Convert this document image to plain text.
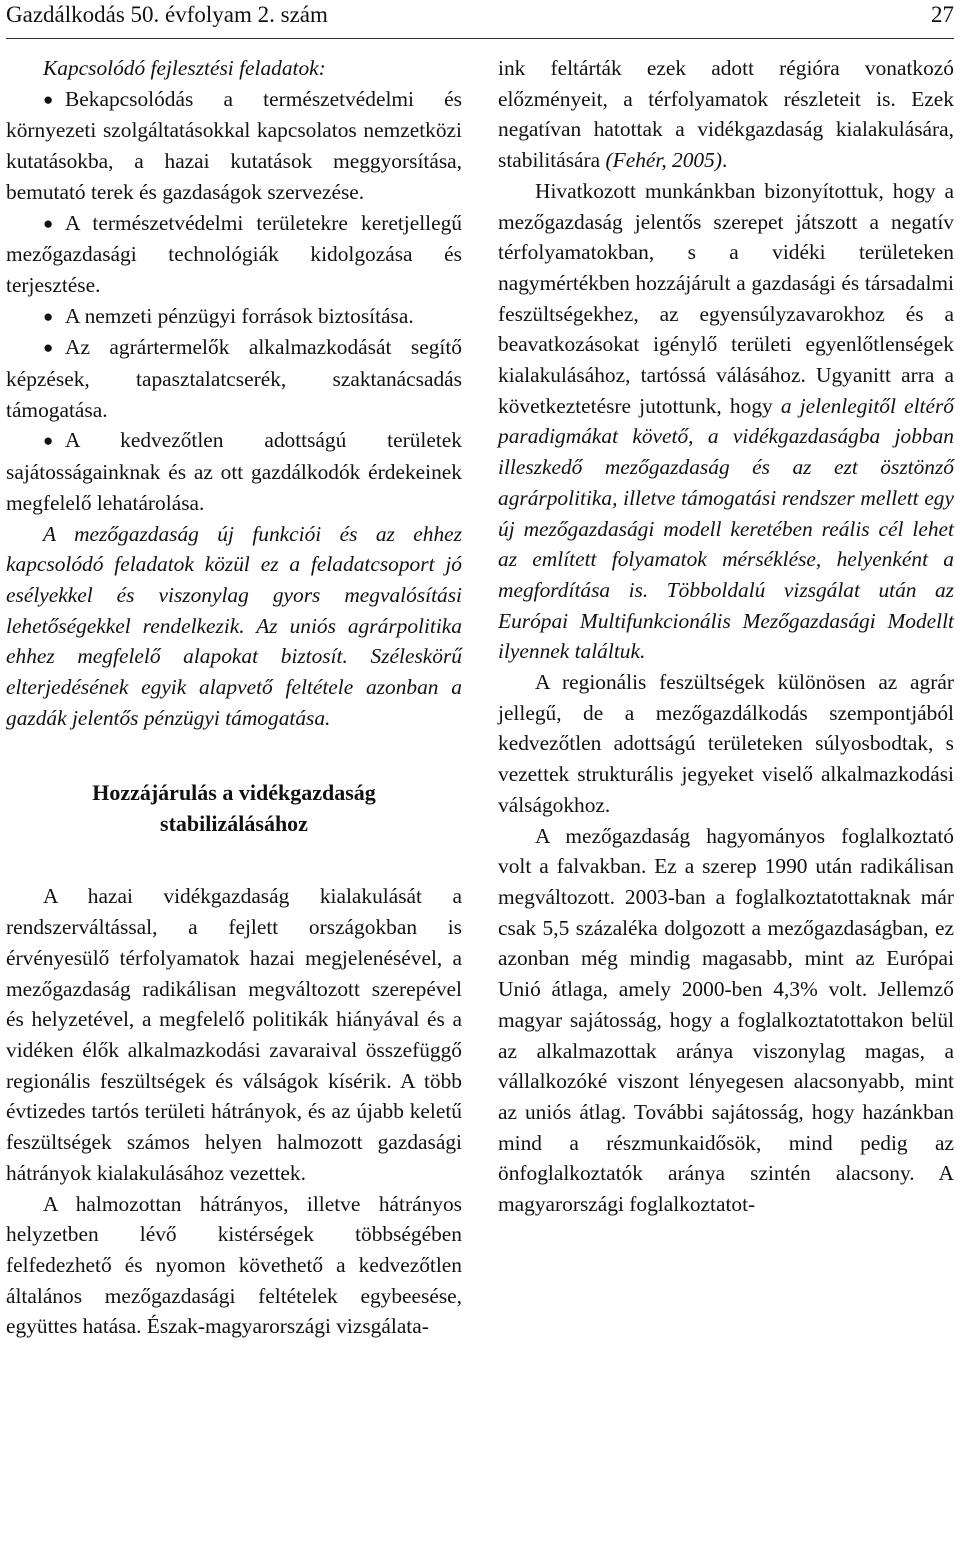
Gazdálkodás 50. évfolyam 2. szám	27

Kapcsolódó fejlesztési feladatok:

● Bekapcsolódás a természetvédelmi és környezeti szolgáltatásokkal kapcsolatos nemzetközi kutatásokba, a hazai kutatások meggyorsítása, bemutató terek és gazdaságok szervezése.

● A természetvédelmi területekre keretjellegű mezőgazdasági technológiák kidolgozása és terjesztése.

● A nemzeti pénzügyi források biztosítása.

● Az agrártermelők alkalmazkodását segítő képzések, tapasztalatcserék, szaktanácsadás támogatása.

● A kedvezőtlen adottságú területek sajátosságainknak és az ott gazdálkodók érdekeinek megfelelő lehatárolása.

A mezőgazdaság új funkciói és az ehhez kapcsolódó feladatok közül ez a feladatcsoport jó esélyekkel és viszonylag gyors megvalósítási lehetőségekkel rendelkezik. Az uniós agrárpolitika ehhez megfelelő alapokat biztosít. Széleskörű elterjedésének egyik alapvető feltétele azonban a gazdák jelentős pénzügyi támogatása.

Hozzájárulás a vidékgazdaság
stabilizálásához

A hazai vidékgazdaság kialakulását a rendszerváltással, a fejlett országokban is érvényesülő térfolyamatok hazai megjelenésével, a mezőgazdaság radikálisan megváltozott szerepével és helyzetével, a megfelelő politikák hiányával és a vidéken élők alkalmazkodási zavaraival összefüggő regionális feszültségek és válságok kísérik. A több évtizedes tartós területi hátrányok, és az újabb keletű feszültségek számos helyen halmozott gazdasági hátrányok kialakulásához vezettek.

A halmozottan hátrányos, illetve hátrányos helyzetben lévő kistérségek többségében felfedezhető és nyomon követhető a kedvezőtlen általános mezőgazdasági feltételek egybeesése, együttes hatása. Észak-magyarországi vizsgálata-

ink feltárták ezek adott régióra vonatkozó előzményeit, a térfolyamatok részleteit is. Ezek negatívan hatottak a vidékgazdaság kialakulására, stabilitására (Fehér, 2005).

Hivatkozott munkánkban bizonyítottuk, hogy a mezőgazdaság jelentős szerepet játszott a negatív térfolyamatokban, s a vidéki területeken nagymértékben hozzájárult a gazdasági és társadalmi feszültségekhez, az egyensúlyzavarokhoz és a beavatkozásokat igénylő területi egyenlőtlenségek kialakulásához, tartóssá válásához. Ugyanitt arra a következtetésre jutottunk, hogy a jelenlegitől eltérő paradigmákat követő, a vidékgazdaságba jobban illeszkedő mezőgazdaság és az ezt ösztönző agrárpolitika, illetve támogatási rendszer mellett egy új mezőgazdasági modell keretében reális cél lehet az említett folyamatok mérséklése, helyenként a megfordítása is. Többoldalú vizsgálat után az Európai Multifunkcionális Mezőgazdasági Modellt ilyennek találtuk.

A regionális feszültségek különösen az agrár jellegű, de a mezőgazdálkodás szempontjából kedvezőtlen adottságú területeken súlyosbodtak, s vezettek strukturális jegyeket viselő alkalmazkodási válságokhoz.

A mezőgazdaság hagyományos foglalkoztató volt a falvakban. Ez a szerep 1990 után radikálisan megváltozott. 2003-ban a foglalkoztatottaknak már csak 5,5 százaléka dolgozott a mezőgazdaságban, ez azonban még mindig magasabb, mint az Európai Unió átlaga, amely 2000-ben 4,3% volt. Jellemző magyar sajátosság, hogy a foglalkoztatottakon belül az alkalmazottak aránya viszonylag magas, a vállalkozóké viszont lényegesen alacsonyabb, mint az uniós átlag. További sajátosság, hogy hazánkban mind a részmunkaidősök, mind pedig az önfoglalkoztatók aránya szintén alacsony. A magyarországi foglalkoztatot-
